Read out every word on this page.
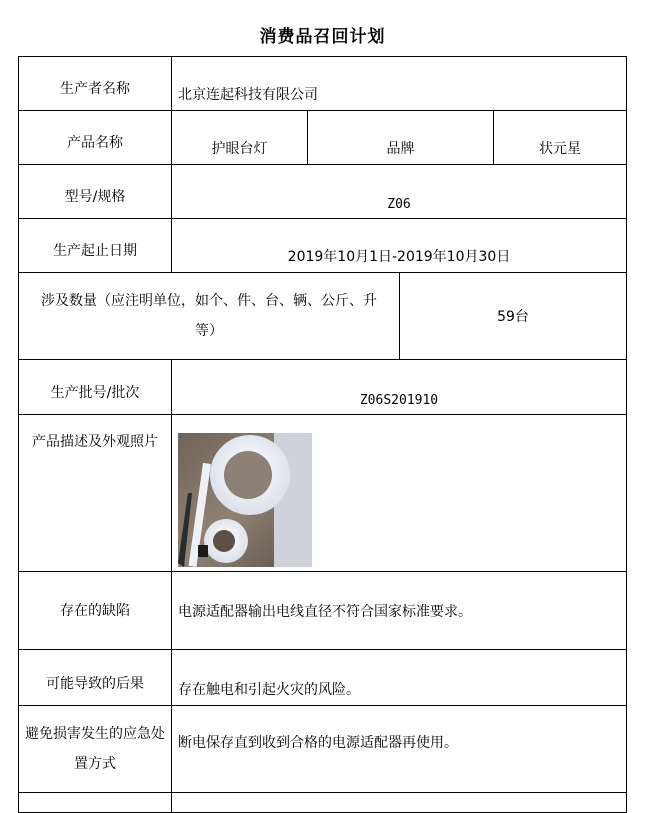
消费品召回计划
生产者名称	北京连起科技有限公司			
产品名称	护眼台灯	品牌		状元星
型号/规格	Z06			
生产起止日期	2019年10月1日-2019年10月30日			
涉及数量（应注明单位，如个、件、台、辆、公斤、升等）			59台	
生产批号/批次	Z06S201910			
产品描述及外观照片	

存在的缺陷	电源适配器输出电线直径不符合国家标准要求。			
可能导致的后果	存在触电和引起火灾的风险。			
避免损害发生的应急处置方式	断电保存直到收到合格的电源适配器再使用。			
